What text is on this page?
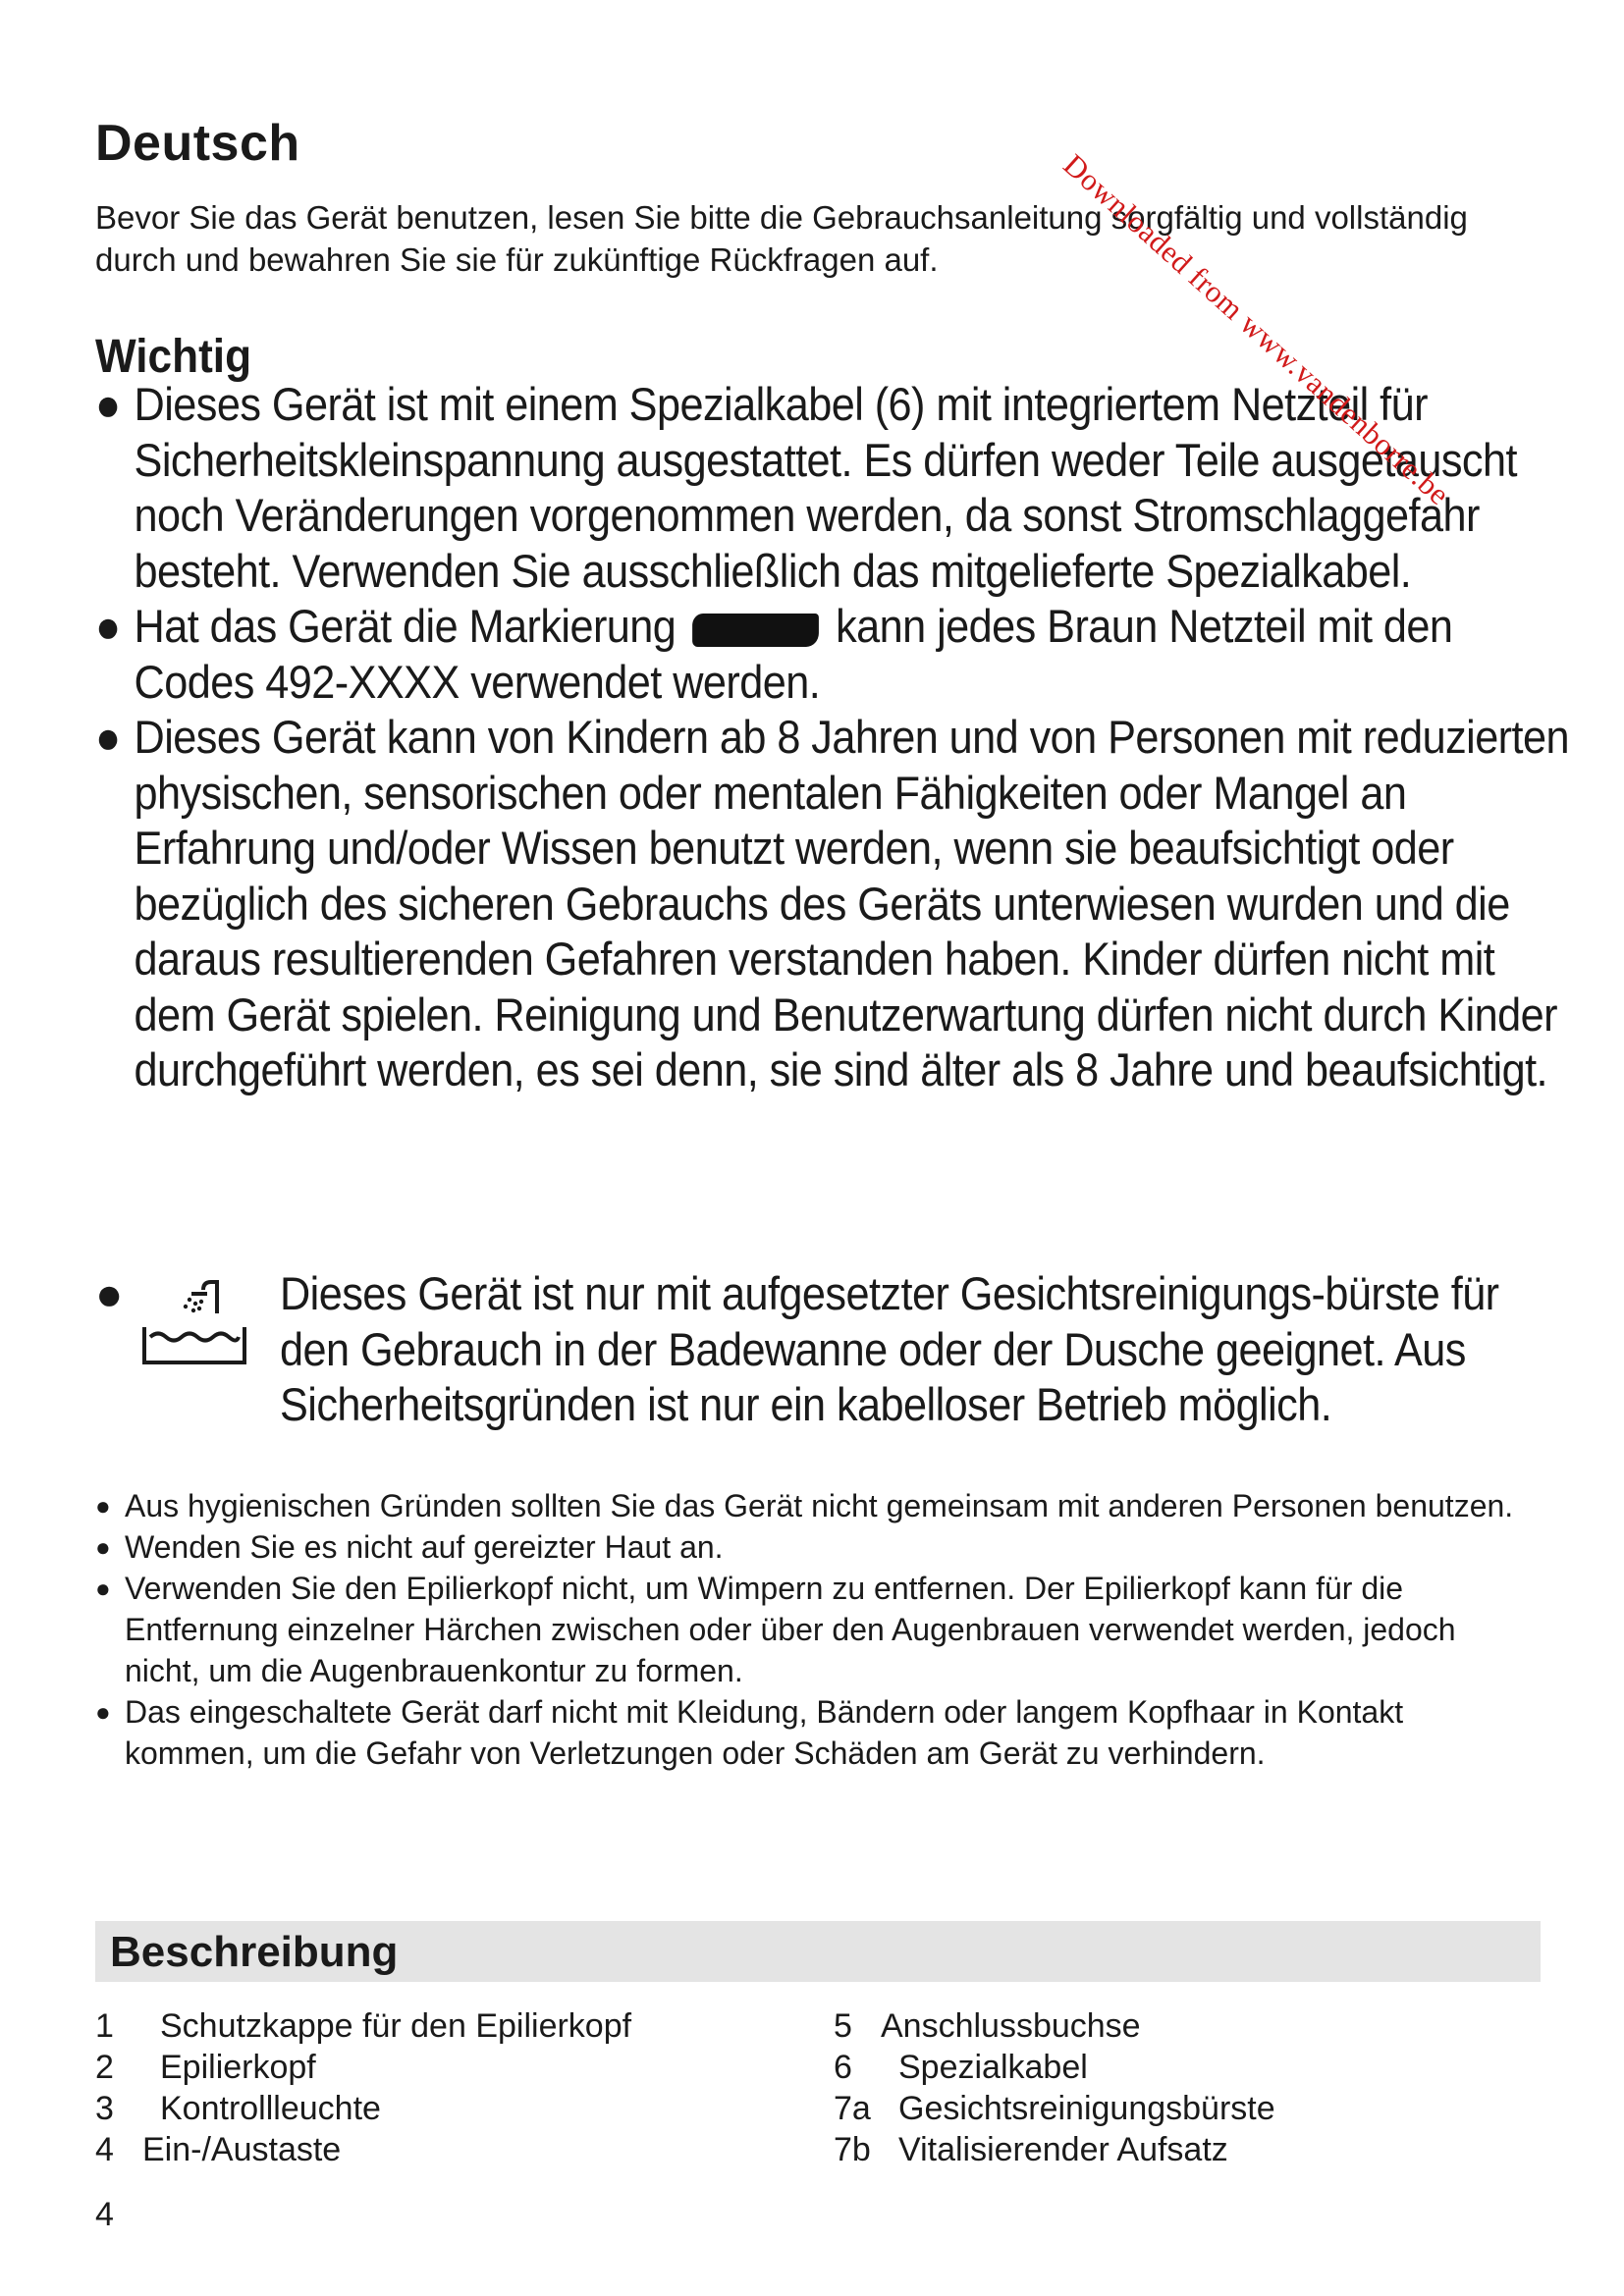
Deutsch
Bevor Sie das Gerät benutzen, lesen Sie bitte die Gebrauchsanleitung sorgfältig und vollständig durch und bewahren Sie sie für zukünftige Rückfragen auf.
Wichtig
● Dieses Gerät ist mit einem Spezialkabel (6) mit integriertem Netzteil für Sicherheitskleinspannung ausgestattet. Es dürfen weder Teile ausgetauscht noch Veränderungen vorgenommen werden, da sonst Stromschlaggefahr besteht. Verwenden Sie ausschließlich das mitgelieferte Spezialkabel.
● Hat das Gerät die Markierung	kann jedes Braun Netzteil mit den Codes 492-XXXX verwendet werden.
● Dieses Gerät kann von Kindern ab 8 Jahren und von Personen mit reduzierten physischen, sensorischen oder mentalen Fähigkeiten oder Mangel an Erfahrung und/oder Wissen benutzt werden, wenn sie beaufsichtigt oder bezüglich des sicheren Gebrauchs des Geräts unterwiesen wurden und die daraus resultierenden Gefahren verstanden haben. Kinder dürfen nicht mit dem Gerät spielen. Reinigung und Benutzerwartung dürfen nicht durch Kinder durchgeführt werden, es sei denn, sie sind älter als 8 Jahre und beaufsichtigt.
●	Dieses Gerät ist nur mit aufgesetzter Gesichtsreinigungs-bürste für den Gebrauch in der Badewanne oder der Dusche geeignet. Aus Sicherheitsgründen ist nur ein kabelloser Betrieb möglich.
● Aus hygienischen Gründen sollten Sie das Gerät nicht gemeinsam mit anderen Personen benutzen.
● Wenden Sie es nicht auf gereizter Haut an.
● Verwenden Sie den Epilierkopf nicht, um Wimpern zu entfernen. Der Epilierkopf kann für die Entfernung einzelner Härchen zwischen oder über den Augenbrauen verwendet werden, jedoch nicht, um die Augenbrauenkontur zu formen.
● Das eingeschaltete Gerät darf nicht mit Kleidung, Bändern oder langem Kopfhaar in Kontakt kommen, um die Gefahr von Verletzungen oder Schäden am Gerät zu verhindern.
Beschreibung
1	Schutzkappe für den Epilierkopf
2	Epilierkopf
3	Kontrollleuchte
4 Ein-/Austaste
5 Anschlussbuchse
6	Spezialkabel
7a Gesichtsreinigungsbürste
7b Vitalisierender Aufsatz
4
Downloaded from www.vandenborre.be
